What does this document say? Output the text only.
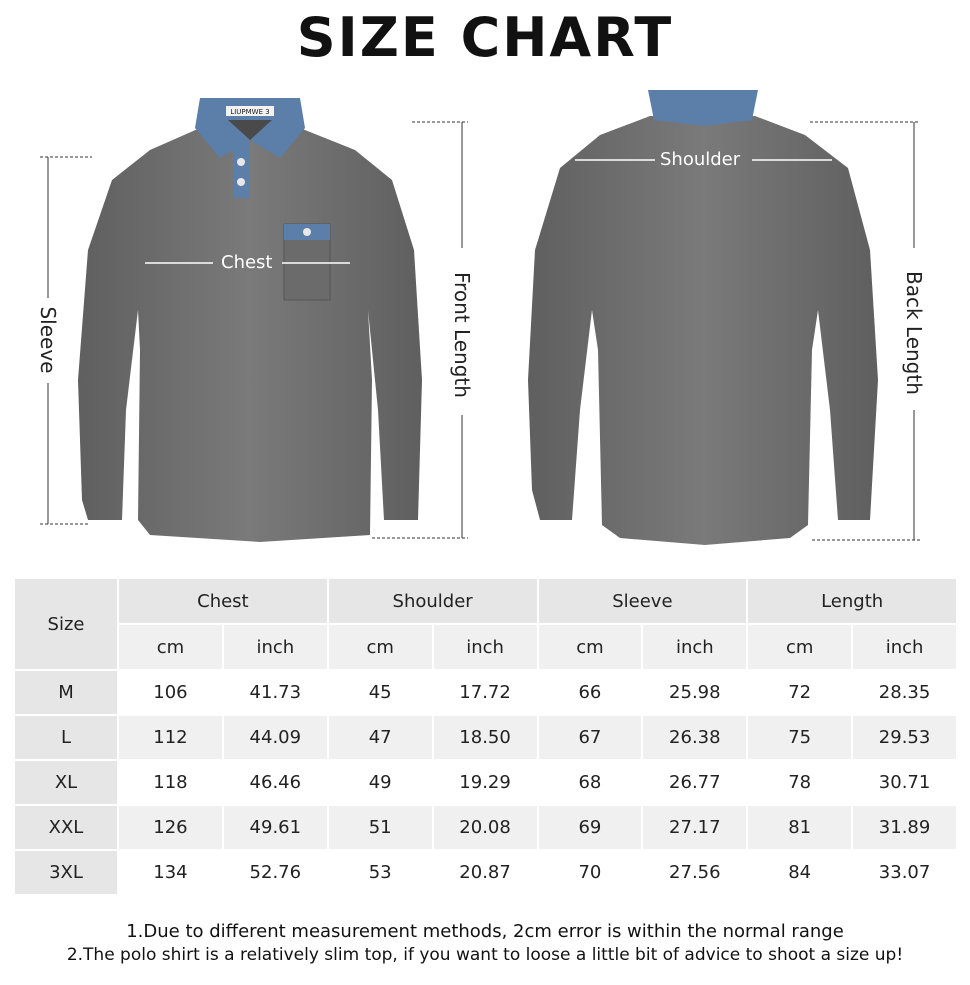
SIZE CHART
LIUPMWE 3
Chest
Shoulder
Sleeve	Front Length	Back Length
Size	Chest		Shoulder		Sleeve		Length	
	cm	inch	cm	inch	cm	inch	cm	inch
M	106	41.73	45	17.72	66	25.98	72	28.35
L	112	44.09	47	18.50	67	26.38	75	29.53
XL	118	46.46	49	19.29	68	26.77	78	30.71
XXL	126	49.61	51	20.08	69	27.17	81	31.89
3XL	134	52.76	53	20.87	70	27.56	84	33.07
1.Due to different measurement methods, 2cm error is within the normal range
2.The polo shirt is a relatively slim top, if you want to loose a little bit of advice to shoot a size up!
